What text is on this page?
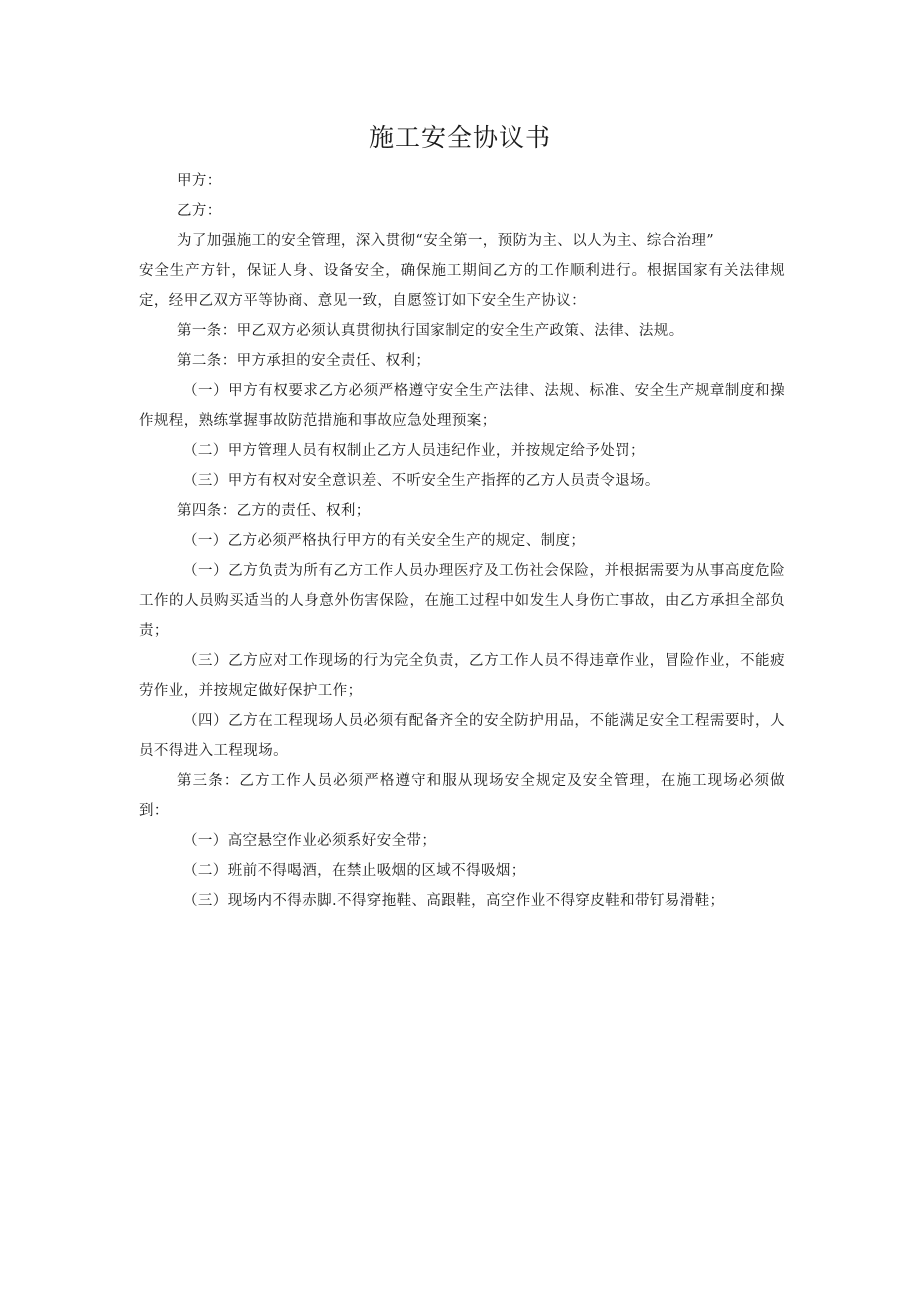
施工安全协议书

甲方：

乙方：

为了加强施工的安全管理，深入贯彻“安全第一，预防为主、以人为主、综合治理”

安全生产方针，保证人身、设备安全，确保施工期间乙方的工作顺利进行。根据国家有关法律规定，经甲乙双方平等协商、意见一致，自愿签订如下安全生产协议：

第一条：甲乙双方必须认真贯彻执行国家制定的安全生产政策、法律、法规。

第二条：甲方承担的安全责任、权利；

（一）甲方有权要求乙方必须严格遵守安全生产法律、法规、标准、安全生产规章制度和操作规程，熟练掌握事故防范措施和事故应急处理预案；

（二）甲方管理人员有权制止乙方人员违纪作业，并按规定给予处罚；

（三）甲方有权对安全意识差、不听安全生产指挥的乙方人员责令退场。

第四条：乙方的责任、权利；

（一）乙方必须严格执行甲方的有关安全生产的规定、制度；

（一）乙方负责为所有乙方工作人员办理医疗及工伤社会保险，并根据需要为从事高度危险工作的人员购买适当的人身意外伤害保险，在施工过程中如发生人身伤亡事故，由乙方承担全部负责；

（三）乙方应对工作现场的行为完全负责，乙方工作人员不得违章作业，冒险作业，不能疲劳作业，并按规定做好保护工作；

（四）乙方在工程现场人员必须有配备齐全的安全防护用品，不能满足安全工程需要时，人员不得进入工程现场。

第三条：乙方工作人员必须严格遵守和服从现场安全规定及安全管理，在施工现场必须做到：

（一）高空悬空作业必须系好安全带；

（二）班前不得喝酒，在禁止吸烟的区域不得吸烟；

（三）现场内不得赤脚.不得穿拖鞋、高跟鞋，高空作业不得穿皮鞋和带钉易滑鞋；
